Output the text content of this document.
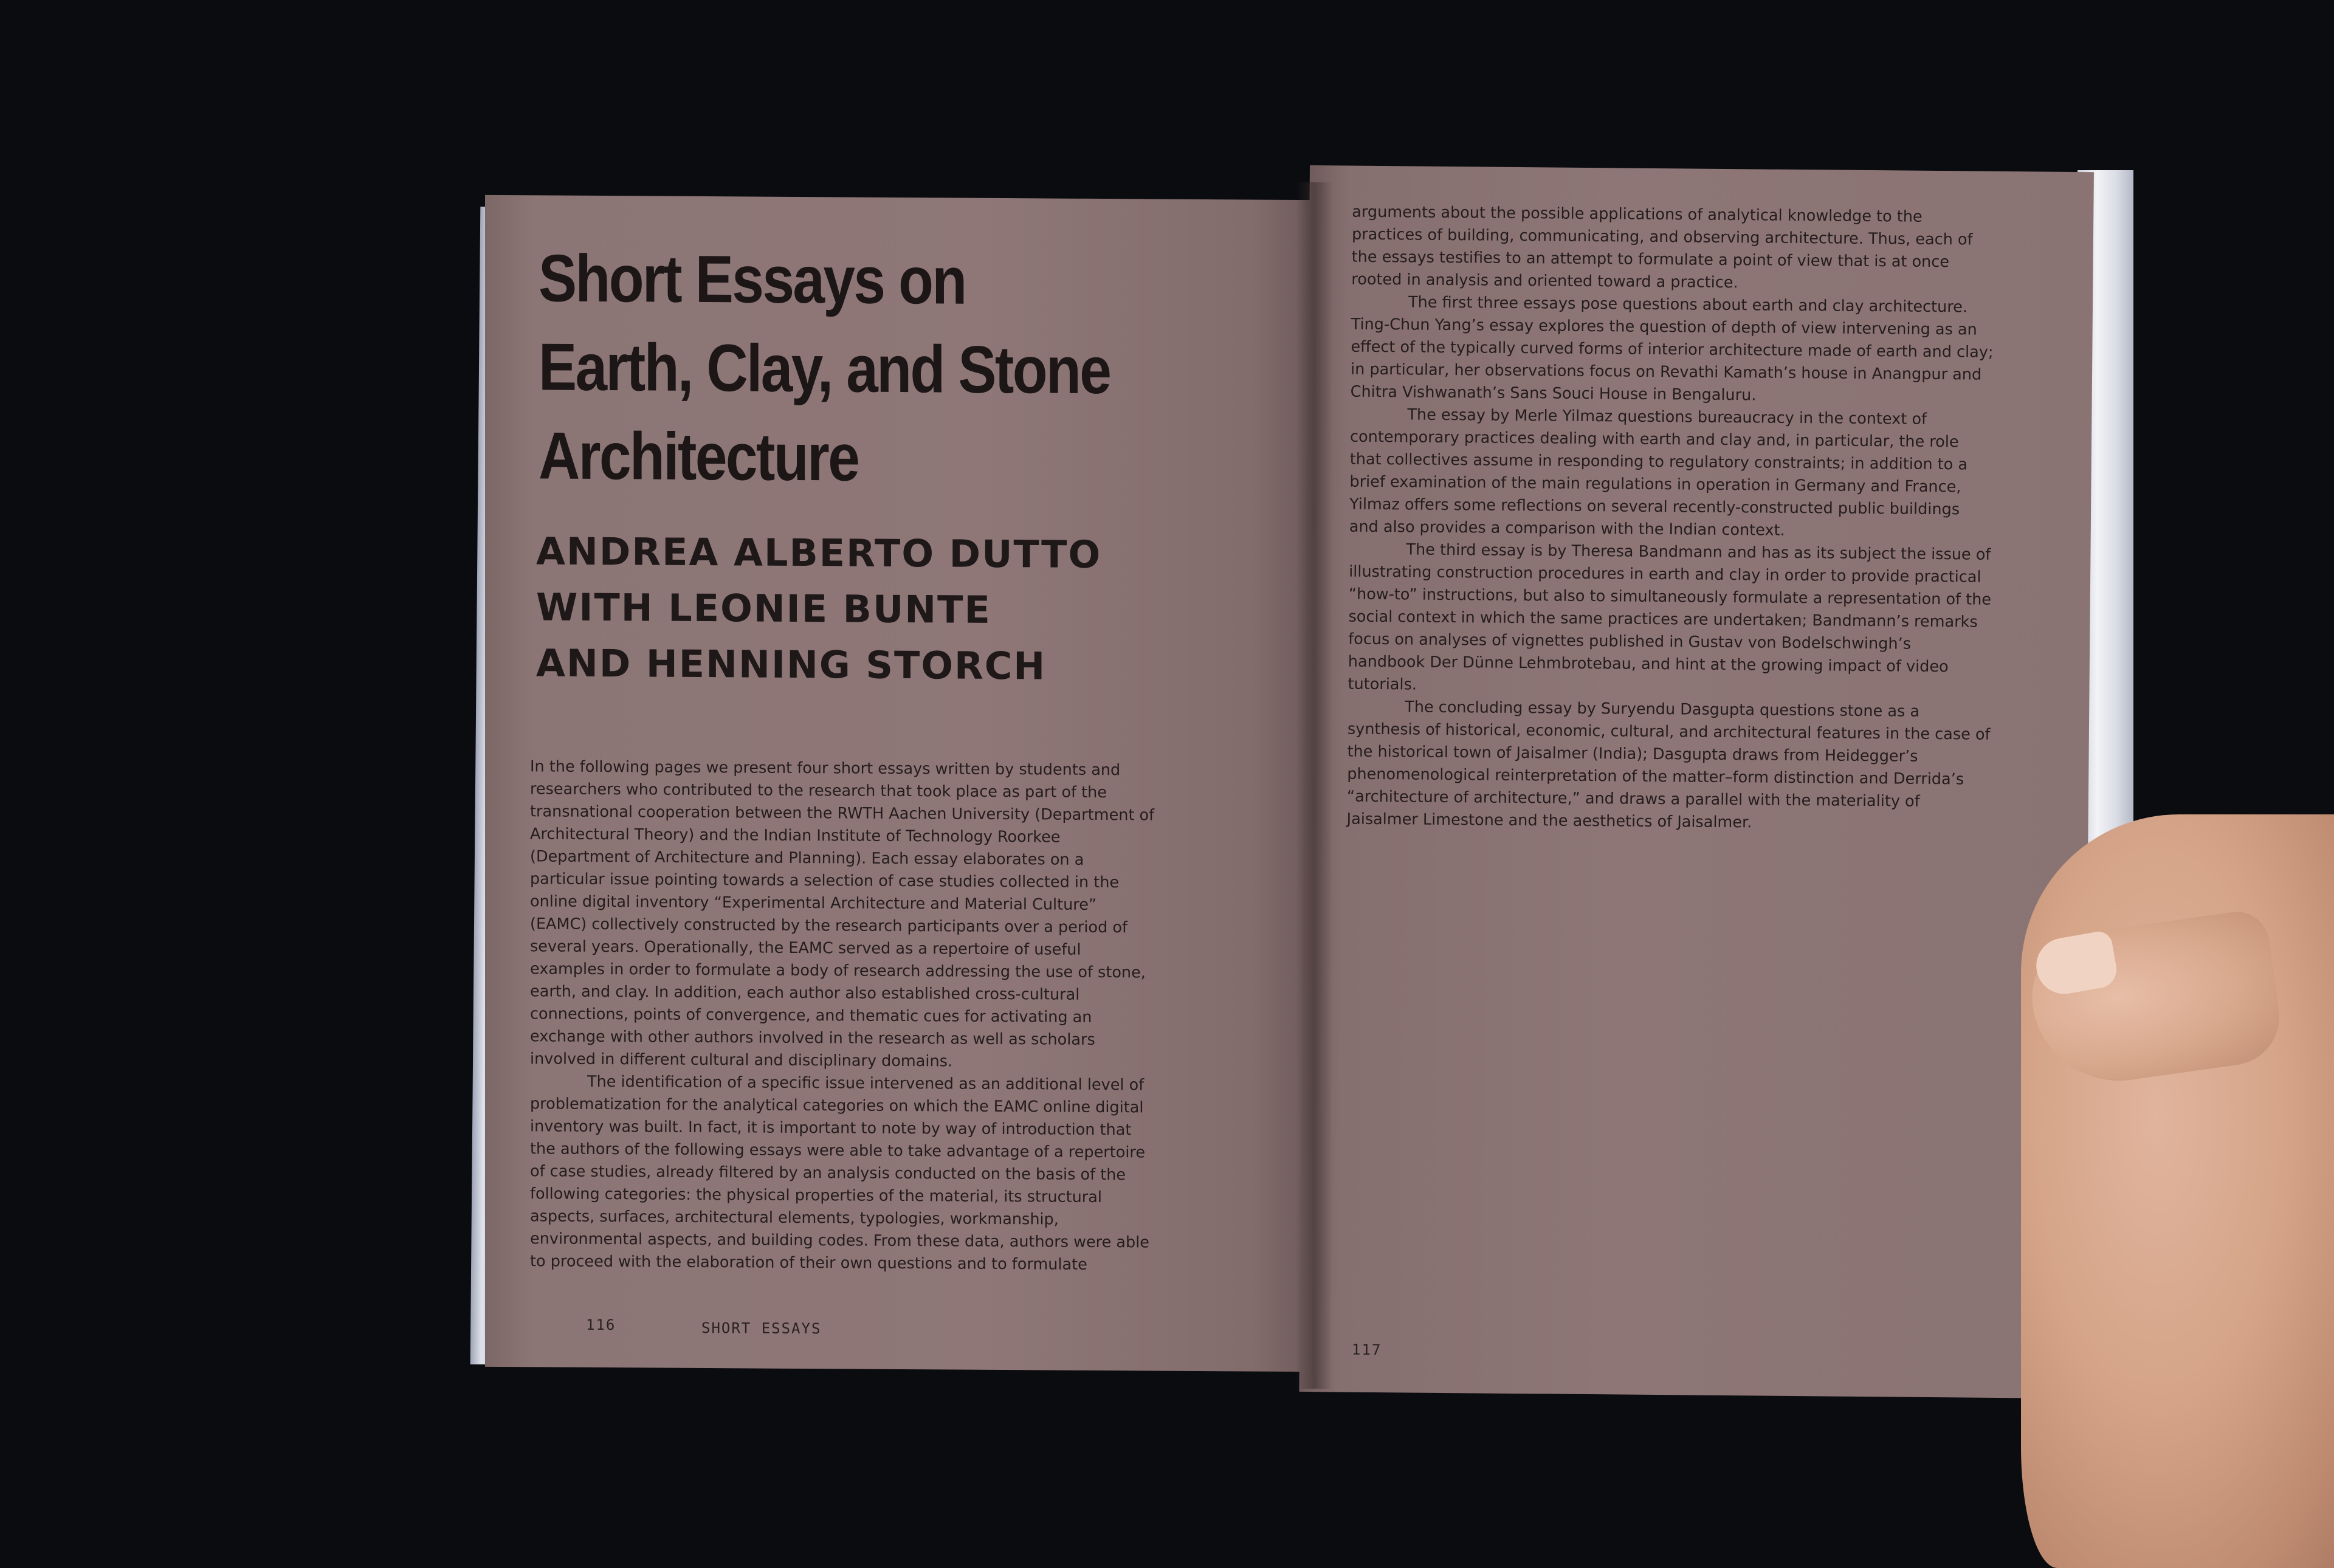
Short Essays on
Earth, Clay, and Stone
Architecture
ANDREA ALBERTO DUTTO
WITH LEONIE BUNTE
AND HENNING STORCH

In the following pages we present four short essays written by students and researchers who contributed to the research that took place as part of the transnational cooperation between the RWTH Aachen University (Department of Architectural Theory) and the Indian Institute of Technology Roorkee (Department of Architecture and Planning). Each essay elaborates on a particular issue pointing towards a selection of case studies collected in the online digital inventory “Experimental Architecture and Material Culture” (EAMC) collectively constructed by the research participants over a period of several years. Operationally, the EAMC served as a repertoire of useful examples in order to formulate a body of research addressing the use of stone, earth, and clay. In addition, each author also established cross-cultural connections, points of convergence, and thematic cues for activating an exchange with other authors involved in the research as well as scholars involved in different cultural and disciplinary domains.

The identification of a specific issue intervened as an additional level of problematization for the analytical categories on which the EAMC online digital inventory was built. In fact, it is important to note by way of introduction that the authors of the following essays were able to take advantage of a repertoire of case studies, already filtered by an analysis conducted on the basis of the following categories: the physical properties of the material, its structural aspects, surfaces, architectural elements, typologies, workmanship, environmental aspects, and building codes. From these data, authors were able to proceed with the elaboration of their own questions and to formulate

116	SHORT ESSAYS

arguments about the possible applications of analytical knowledge to the practices of building, communicating, and observing architecture. Thus, each of the essays testifies to an attempt to formulate a point of view that is at once rooted in analysis and oriented toward a practice.

The first three essays pose questions about earth and clay architecture. Ting-Chun Yang’s essay explores the question of depth of view intervening as an effect of the typically curved forms of interior architecture made of earth and clay; in particular, her observations focus on Revathi Kamath’s house in Anangpur and Chitra Vishwanath’s Sans Souci House in Bengaluru.

The essay by Merle Yilmaz questions bureaucracy in the context of contemporary practices dealing with earth and clay and, in particular, the role that collectives assume in responding to regulatory constraints; in addition to a brief examination of the main regulations in operation in Germany and France, Yilmaz offers some reflections on several recently-constructed public buildings and also provides a comparison with the Indian context.

The third essay is by Theresa Bandmann and has as its subject the issue of illustrating construction procedures in earth and clay in order to provide practical “how-to” instructions, but also to simultaneously formulate a representation of the social context in which the same practices are undertaken; Bandmann’s remarks focus on analyses of vignettes published in Gustav von Bodelschwingh’s handbook Der Dünne Lehmbrotebau, and hint at the growing impact of video tutorials.

The concluding essay by Suryendu Dasgupta questions stone as a synthesis of historical, economic, cultural, and architectural features in the case of the historical town of Jaisalmer (India); Dasgupta draws from Heidegger’s phenomenological reinterpretation of the matter–form distinction and Derrida’s “architecture of architecture,” and draws a parallel with the materiality of Jaisalmer Limestone and the aesthetics of Jaisalmer.

117
